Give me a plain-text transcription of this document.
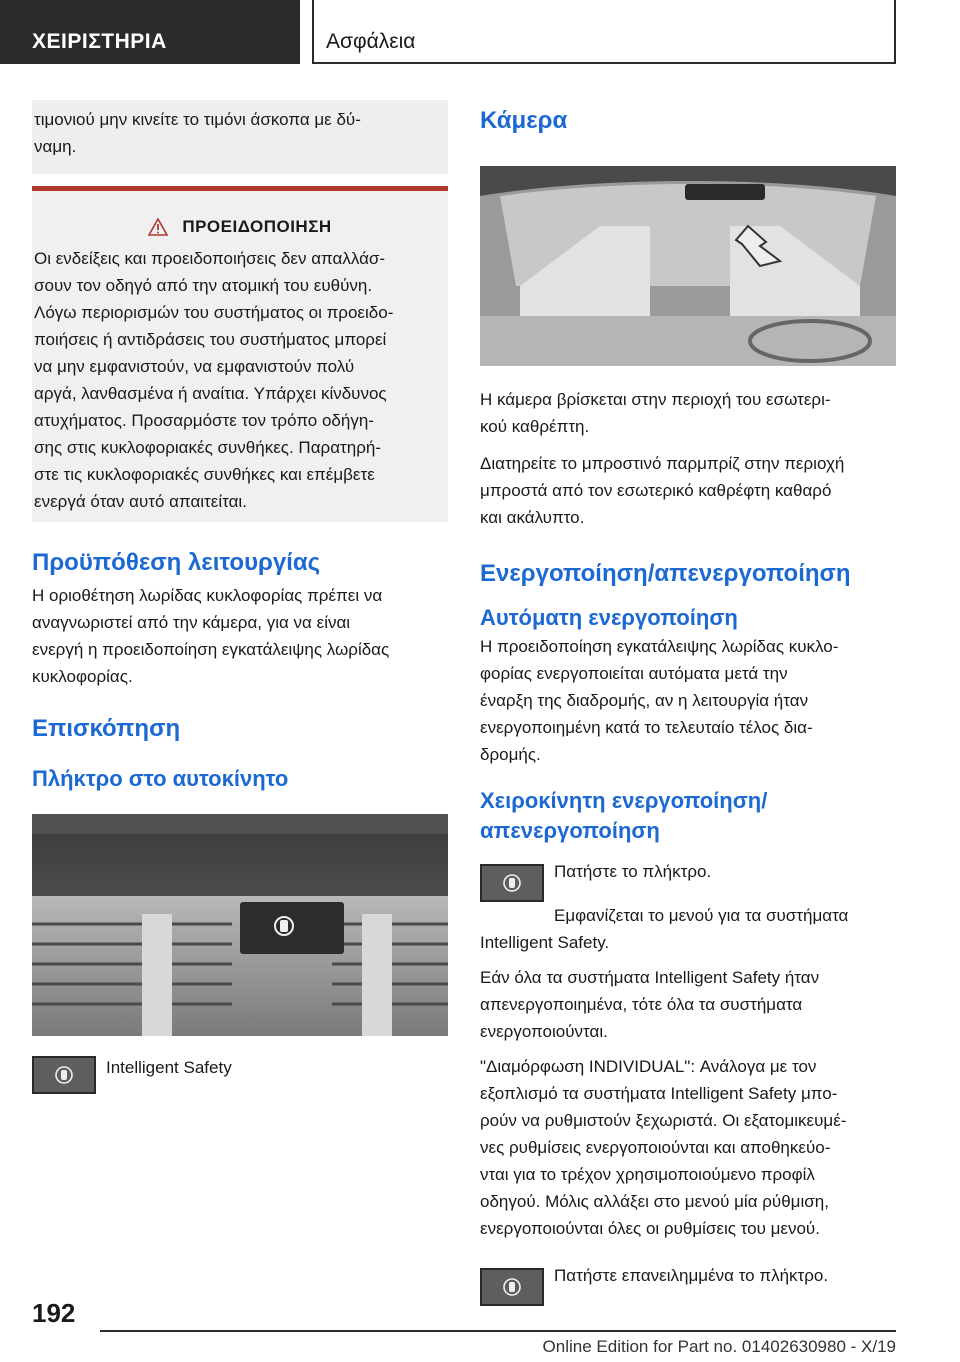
ΧΕΙΡΙΣΤΗΡΙΑ	Ασφάλεια

τιμονιού μην κινείτε το τιμόνι άσκοπα με δύ-
ναμη.

ΠΡΟΕΙΔΟΠΟΙΗΣΗ

Οι ενδείξεις και προειδοποιήσεις δεν απαλλάσ-
σουν τον οδηγό από την ατομική του ευθύνη.
Λόγω περιορισμών του συστήματος οι προειδο-
ποιήσεις ή αντιδράσεις του συστήματος μπορεί
να μην εμφανιστούν, να εμφανιστούν πολύ
αργά, λανθασμένα ή αναίτια. Υπάρχει κίνδυνος
ατυχήματος. Προσαρμόστε τον τρόπο οδήγη-
σης στις κυκλοφοριακές συνθήκες. Παρατηρή-
στε τις κυκλοφοριακές συνθήκες και επέμβετε
ενεργά όταν αυτό απαιτείται.

Προϋπόθεση λειτουργίας

Η οριοθέτηση λωρίδας κυκλοφορίας πρέπει να
αναγνωριστεί από την κάμερα, για να είναι
ενεργή η προειδοποίηση εγκατάλειψης λωρίδας
κυκλοφορίας.

Επισκόπηση
Πλήκτρο στο αυτοκίνητο
Intelligent Safety
Κάμερα

Η κάμερα βρίσκεται στην περιοχή του εσωτερι-
κού καθρέπτη.

Διατηρείτε το μπροστινό παρμπρίζ στην περιοχή
μπροστά από τον εσωτερικό καθρέφτη καθαρό
και ακάλυπτο.

Ενεργοποίηση/απενεργοποίηση
Αυτόματη ενεργοποίηση

Η προειδοποίηση εγκατάλειψης λωρίδας κυκλο-
φορίας ενεργοποιείται αυτόματα μετά την
έναρξη της διαδρομής, αν η λειτουργία ήταν
ενεργοποιημένη κατά το τελευταίο τέλος δια-
δρομής.

Χειροκίνητη ενεργοποίηση/
απενεργοποίηση

Πατήστε το πλήκτρο.

Εμφανίζεται το μενού για τα συστήματα
Intelligent Safety.

Εάν όλα τα συστήματα Intelligent Safety ήταν
απενεργοποιημένα, τότε όλα τα συστήματα
ενεργοποιούνται.

"Διαμόρφωση INDIVIDUAL": Ανάλογα με τον
εξοπλισμό τα συστήματα Intelligent Safety μπο-
ρούν να ρυθμιστούν ξεχωριστά. Οι εξατομικευμέ-
νες ρυθμίσεις ενεργοποιούνται και αποθηκεύο-
νται για το τρέχον χρησιμοποιούμενο προφίλ
οδηγού. Μόλις αλλάξει στο μενού μία ρύθμιση,
ενεργοποιούνται όλες οι ρυθμίσεις του μενού.

Πατήστε επανειλημμένα το πλήκτρο.
192
Online Edition for Part no. 01402630980 - X/19
